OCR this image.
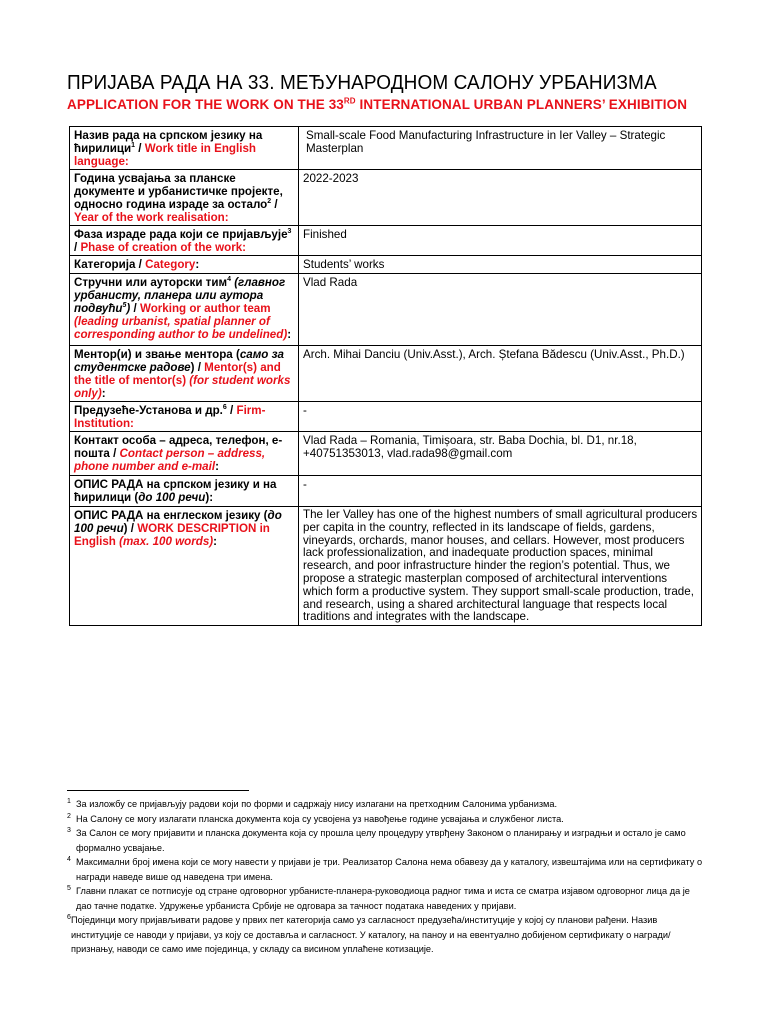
ПРИЈАВА РАДА НА 33. МЕЂУНАРОДНОМ САЛОНУ УРБАНИЗМА
APPLICATION FOR THE WORK ON THE 33RD INTERNATIONAL URBAN PLANNERS’ EXHIBITION
Назив рада на српском језику на ћирилици$^1$ / Work title in English language:	Small-scale Food Manufacturing Infrastructure in Ier Valley – Strategic Masterplan
Година усвајања за планске документе и урбанистичке пројекте, односно година израде за остало$^2$ / Year of the work realisation:	2022-2023
Фаза израде рада који се пријављује$^3$ / Phase of creation of the work:	Finished
Категорија / Category:	Students’ works
Стручни или ауторски тим$^4$ (главног урбанисту, планера или аутора подвући$^5$) / Working or author team (leading urbanist, spatial planner of corresponding author to be undelined):	Vlad Rada
Ментор(и) и звање ментора (само за студентске радове) / Mentor(s) and the title of mentor(s) (for student works only):	Arch. Mihai Danciu (Univ.Asst.), Arch. Ștefana Bădescu (Univ.Asst., Ph.D.)
Предузеће-Установа и др.$^6$ / Firm-Institution:	-
Контакт особа – адреса, телефон, е-пошта / Contact person – address, phone number and e-mail:	Vlad Rada – Romania, Timișoara, str. Baba Dochia, bl. D1, nr.18, +40751353013, vlad.rada98@gmail.com
ОПИС РАДА на српском језику и на ћирилици (до 100 речи):	-
ОПИС РАДА на енглеском језику (до 100 речи) / WORK DESCRIPTION in English (max. 100 words):	The Ier Valley has one of the highest numbers of small agricultural producers per capita in the country, reflected in its landscape of fields, gardens, vineyards, orchards, manor houses, and cellars. However, most producers lack professionalization, and inadequate production spaces, minimal research, and poor infrastructure hinder the region’s potential. Thus, we propose a strategic masterplan composed of architectural interventions which form a productive system. They support small-scale production, trade, and research, using a shared architectural language that respects local traditions and integrates with the landscape.
1 За изложбу се пријављују радови који по форми и садржају нису излагани на претходним Салонима урбанизма.
2 На Салону се могу излагати планска документа која су усвојена уз навођење године усвајања и службеног листа.
3 За Салон се могу пријавити и планска документа која су прошла целу процедуру утврђену Законом о планирању и изградњи и остало је само формално усвајање.
4 Максимални број имена који се могу навести у пријави је три. Реализатор Салона нема обавезу да у каталогу, извештајима или на сертификату о награди наведе више од наведена три имена.
5 Главни плакат се потписује од стране одговорног урбанисте-планера-руководиоца радног тима и иста се сматра изјавом одговорног лица да је дао тачне податке. Удружење урбаниста Србије не одговара за тачност података наведених у пријави.
6 Појединци могу пријављивати радове у првих пет категорија само уз сагласност предузећа/институције у којој су планови рађени. Назив институције се наводи у пријави, уз коју се доставља и сагласност. У каталогу, на паноу и на евентуално добијеном сертификату о награди/признању, наводи се само име појединца, у складу са висином уплаћене котизације.
